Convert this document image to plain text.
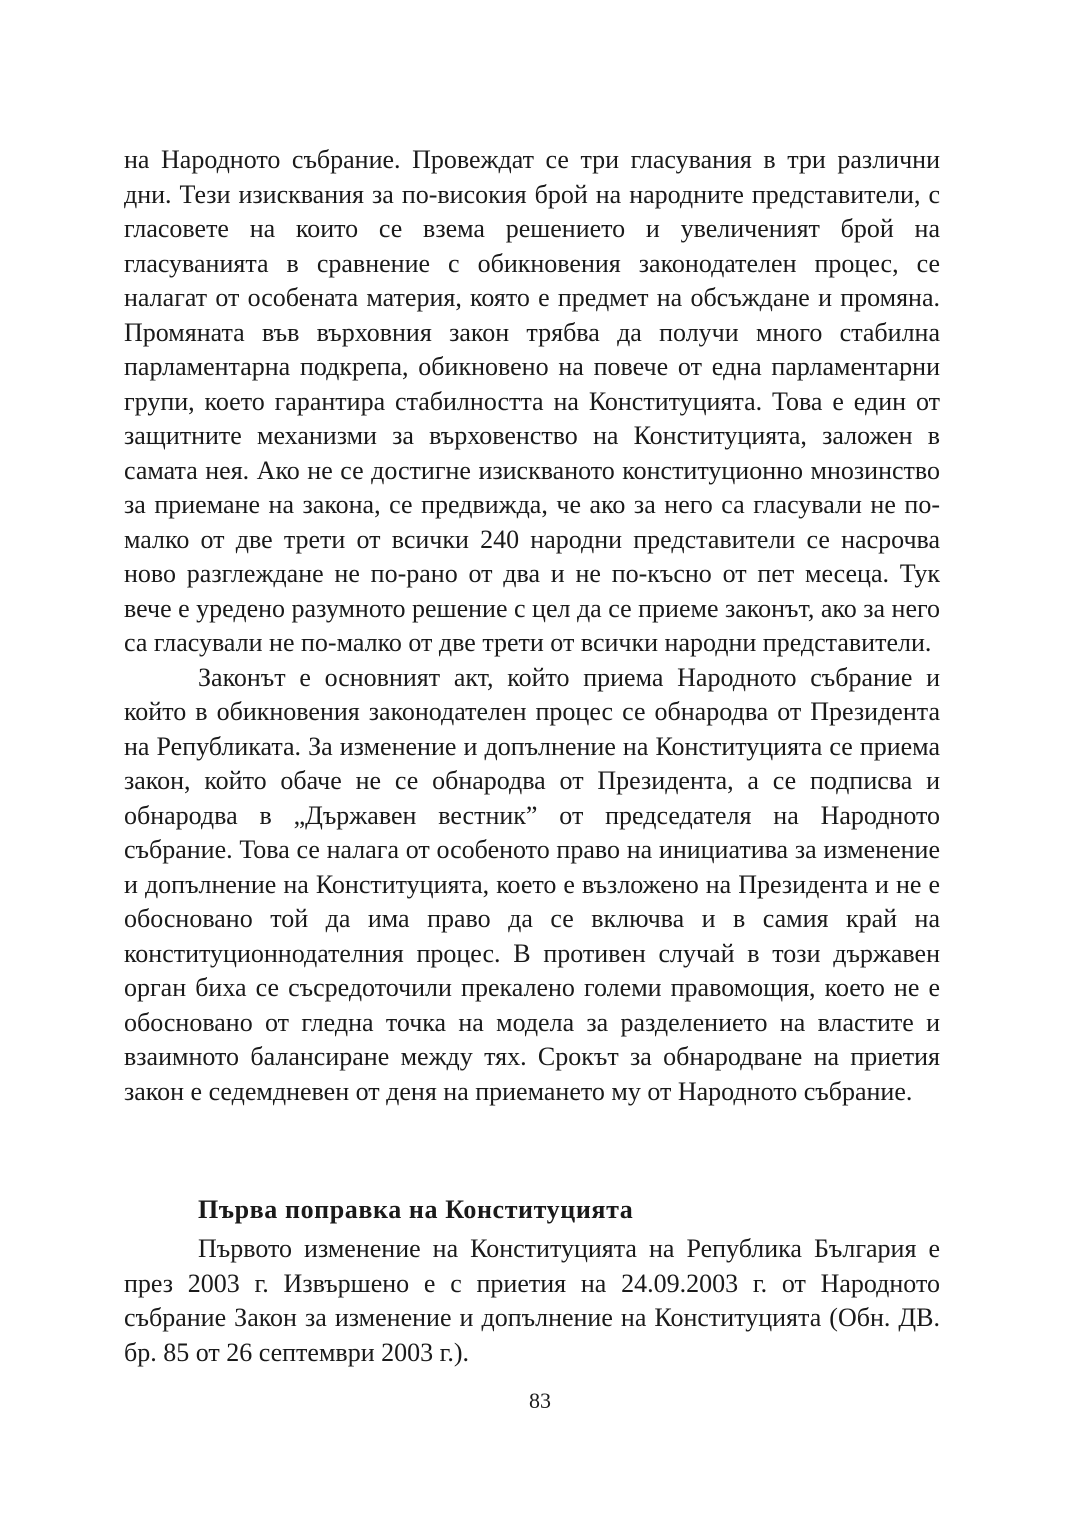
на Народното събрание. Провеждат се три гласувания в три различни дни. Тези изисквания за по-високия брой на народните представители, с гласовете на които се взема решението и увеличеният брой на гласуванията в сравнение с обикновения законодателен процес, се налагат от особената материя, която е предмет на обсъждане и промяна. Промяната във върховния закон трябва да получи много стабилна парламентарна подкрепа, обикновено на повече от една парламентарни групи, което гарантира стабилността на Конституцията. Това е един от защитните механизми за върховенство на Конституцията, заложен в самата нея. Ако не се достигне изискваното конституционно мнозинство за приемане на закона, се предвижда, че ако за него са гласували не по-малко от две трети от всички 240 народни представители се насрочва ново разглеждане не по-рано от два и не по-късно от пет месеца. Тук вече е уредено разумното решение с цел да се приеме законът, ако за него са гласували не по-малко от две трети от всички народни представители.

Законът е основният акт, който приема Народното събрание и който в обикновения законодателен процес се обнародва от Президента на Републиката. За изменение и допълнение на Конституцията се приема закон, който обаче не се обнародва от Президента, а се подписва и обнародва в „Държавен вестник” от председателя на Народното събрание. Това се налага от особеното право на инициатива за изменение и допълнение на Конституцията, което е възложено на Президента и не е обосновано той да има право да се включва и в самия край на конституционнодателния процес. В противен случай в този държавен орган биха се съсредоточили прекалено големи правомощия, което не е обосновано от гледна точка на модела за разделението на властите и взаимното балансиране между тях. Срокът за обнародване на приетия закон е седемдневен от деня на приемането му от Народното събрание.

Първа поправка на Конституцията

Първото изменение на Конституцията на Република България е през 2003 г. Извършено е с приетия на 24.09.2003 г. от Народното събрание Закон за изменение и допълнение на Конституцията (Обн. ДВ. бр. 85 от 26 септември 2003 г.).

83
